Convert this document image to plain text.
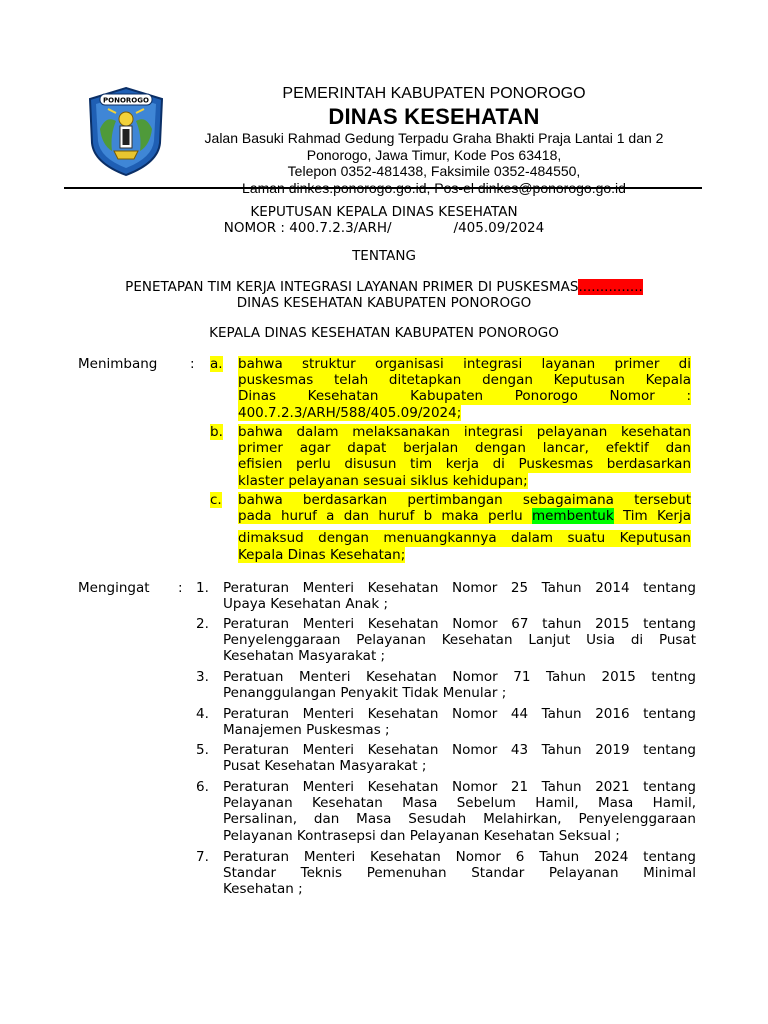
PONOROGO	PEMERINTAH KABUPATEN PONOROGO
DINAS KESEHATAN
Jalan Basuki Rahmad Gedung Terpadu Graha Bhakti Praja Lantai 1 dan 2
Ponorogo, Jawa Timur, Kode Pos 63418,
Telepon 0352-481438, Faksimile 0352-484550,
Laman dinkes.ponorogo.go.id, Pos-el dinkes@ponorogo.go.id
KEPUTUSAN KEPALA DINAS KESEHATAN
NOMOR : 400.7.2.3/ARH/	/405.09/2024
TENTANG
PENETAPAN TIM KERJA INTEGRASI LAYANAN PRIMER DI PUSKESMAS...............
DINAS KESEHATAN KABUPATEN PONOROGO
KEPALA DINAS KESEHATAN KABUPATEN PONOROGO
Menimbang : a. bahwa struktur organisasi integrasi layanan primer di
puskesmas telah ditetapkan dengan Keputusan Kepala
Dinas Kesehatan Kabupaten Ponorogo Nomor :
400.7.2.3/ARH/588/405.09/2024;
b. bahwa dalam melaksanakan integrasi pelayanan kesehatan
primer agar dapat berjalan dengan lancar, efektif dan
efisien perlu disusun tim kerja di Puskesmas berdasarkan
klaster pelayanan sesuai siklus kehidupan;
c. bahwa berdasarkan pertimbangan sebagaimana tersebut
pada huruf a dan huruf b maka perlu membentuk Tim Kerja
dimaksud dengan menuangkannya dalam suatu Keputusan
Kepala Dinas Kesehatan;
Mengingat : 1. Peraturan Menteri Kesehatan Nomor 25 Tahun 2014 tentang
Upaya Kesehatan Anak ;
2. Peraturan Menteri Kesehatan Nomor 67 tahun 2015 tentang
Penyelenggaraan Pelayanan Kesehatan Lanjut Usia di Pusat
Kesehatan Masyarakat ;
3. Peratuan Menteri Kesehatan Nomor 71 Tahun 2015 tentng
Penanggulangan Penyakit Tidak Menular ;
4. Peraturan Menteri Kesehatan Nomor 44 Tahun 2016 tentang
Manajemen Puskesmas ;
5. Peraturan Menteri Kesehatan Nomor 43 Tahun 2019 tentang
Pusat Kesehatan Masyarakat ;
6. Peraturan Menteri Kesehatan Nomor 21 Tahun 2021 tentang
Pelayanan Kesehatan Masa Sebelum Hamil, Masa Hamil,
Persalinan, dan Masa Sesudah Melahirkan, Penyelenggaraan
Pelayanan Kontrasepsi dan Pelayanan Kesehatan Seksual ;
7. Peraturan Menteri Kesehatan Nomor 6 Tahun 2024 tentang
Standar Teknis Pemenuhan Standar Pelayanan Minimal
Kesehatan ;
